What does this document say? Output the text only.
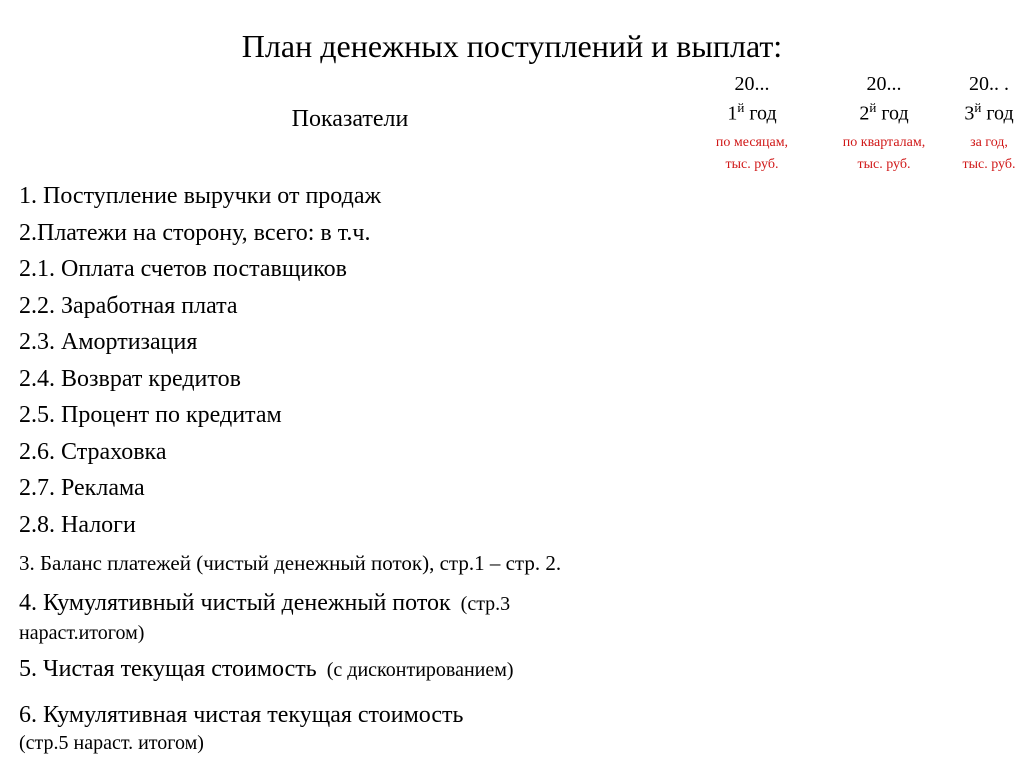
План денежных поступлений и выплат:
Показатели
20...
$1^й$ год
по месяцам,
тыс. руб.
20...
$2^й$ год
по кварталам,
тыс. руб.
20.. .
$3^й$ год
за год,
тыс. руб.
1. Поступление выручки от продаж
2.Платежи на сторону, всего: в т.ч.
2.1. Оплата счетов поставщиков
2.2. Заработная плата
2.3. Амортизация
2.4. Возврат кредитов
2.5. Процент по кредитам
2.6. Страховка
2.7. Реклама
2.8. Налоги
3. Баланс платежей (чистый денежный поток), стр.1 – стр. 2.
4. Кумулятивный чистый денежный поток  (стр.3
нараст.итогом)
5. Чистая текущая стоимость  (с дисконтированием)
6. Кумулятивная чистая текущая стоимость
(стр.5 нараст. итогом)
